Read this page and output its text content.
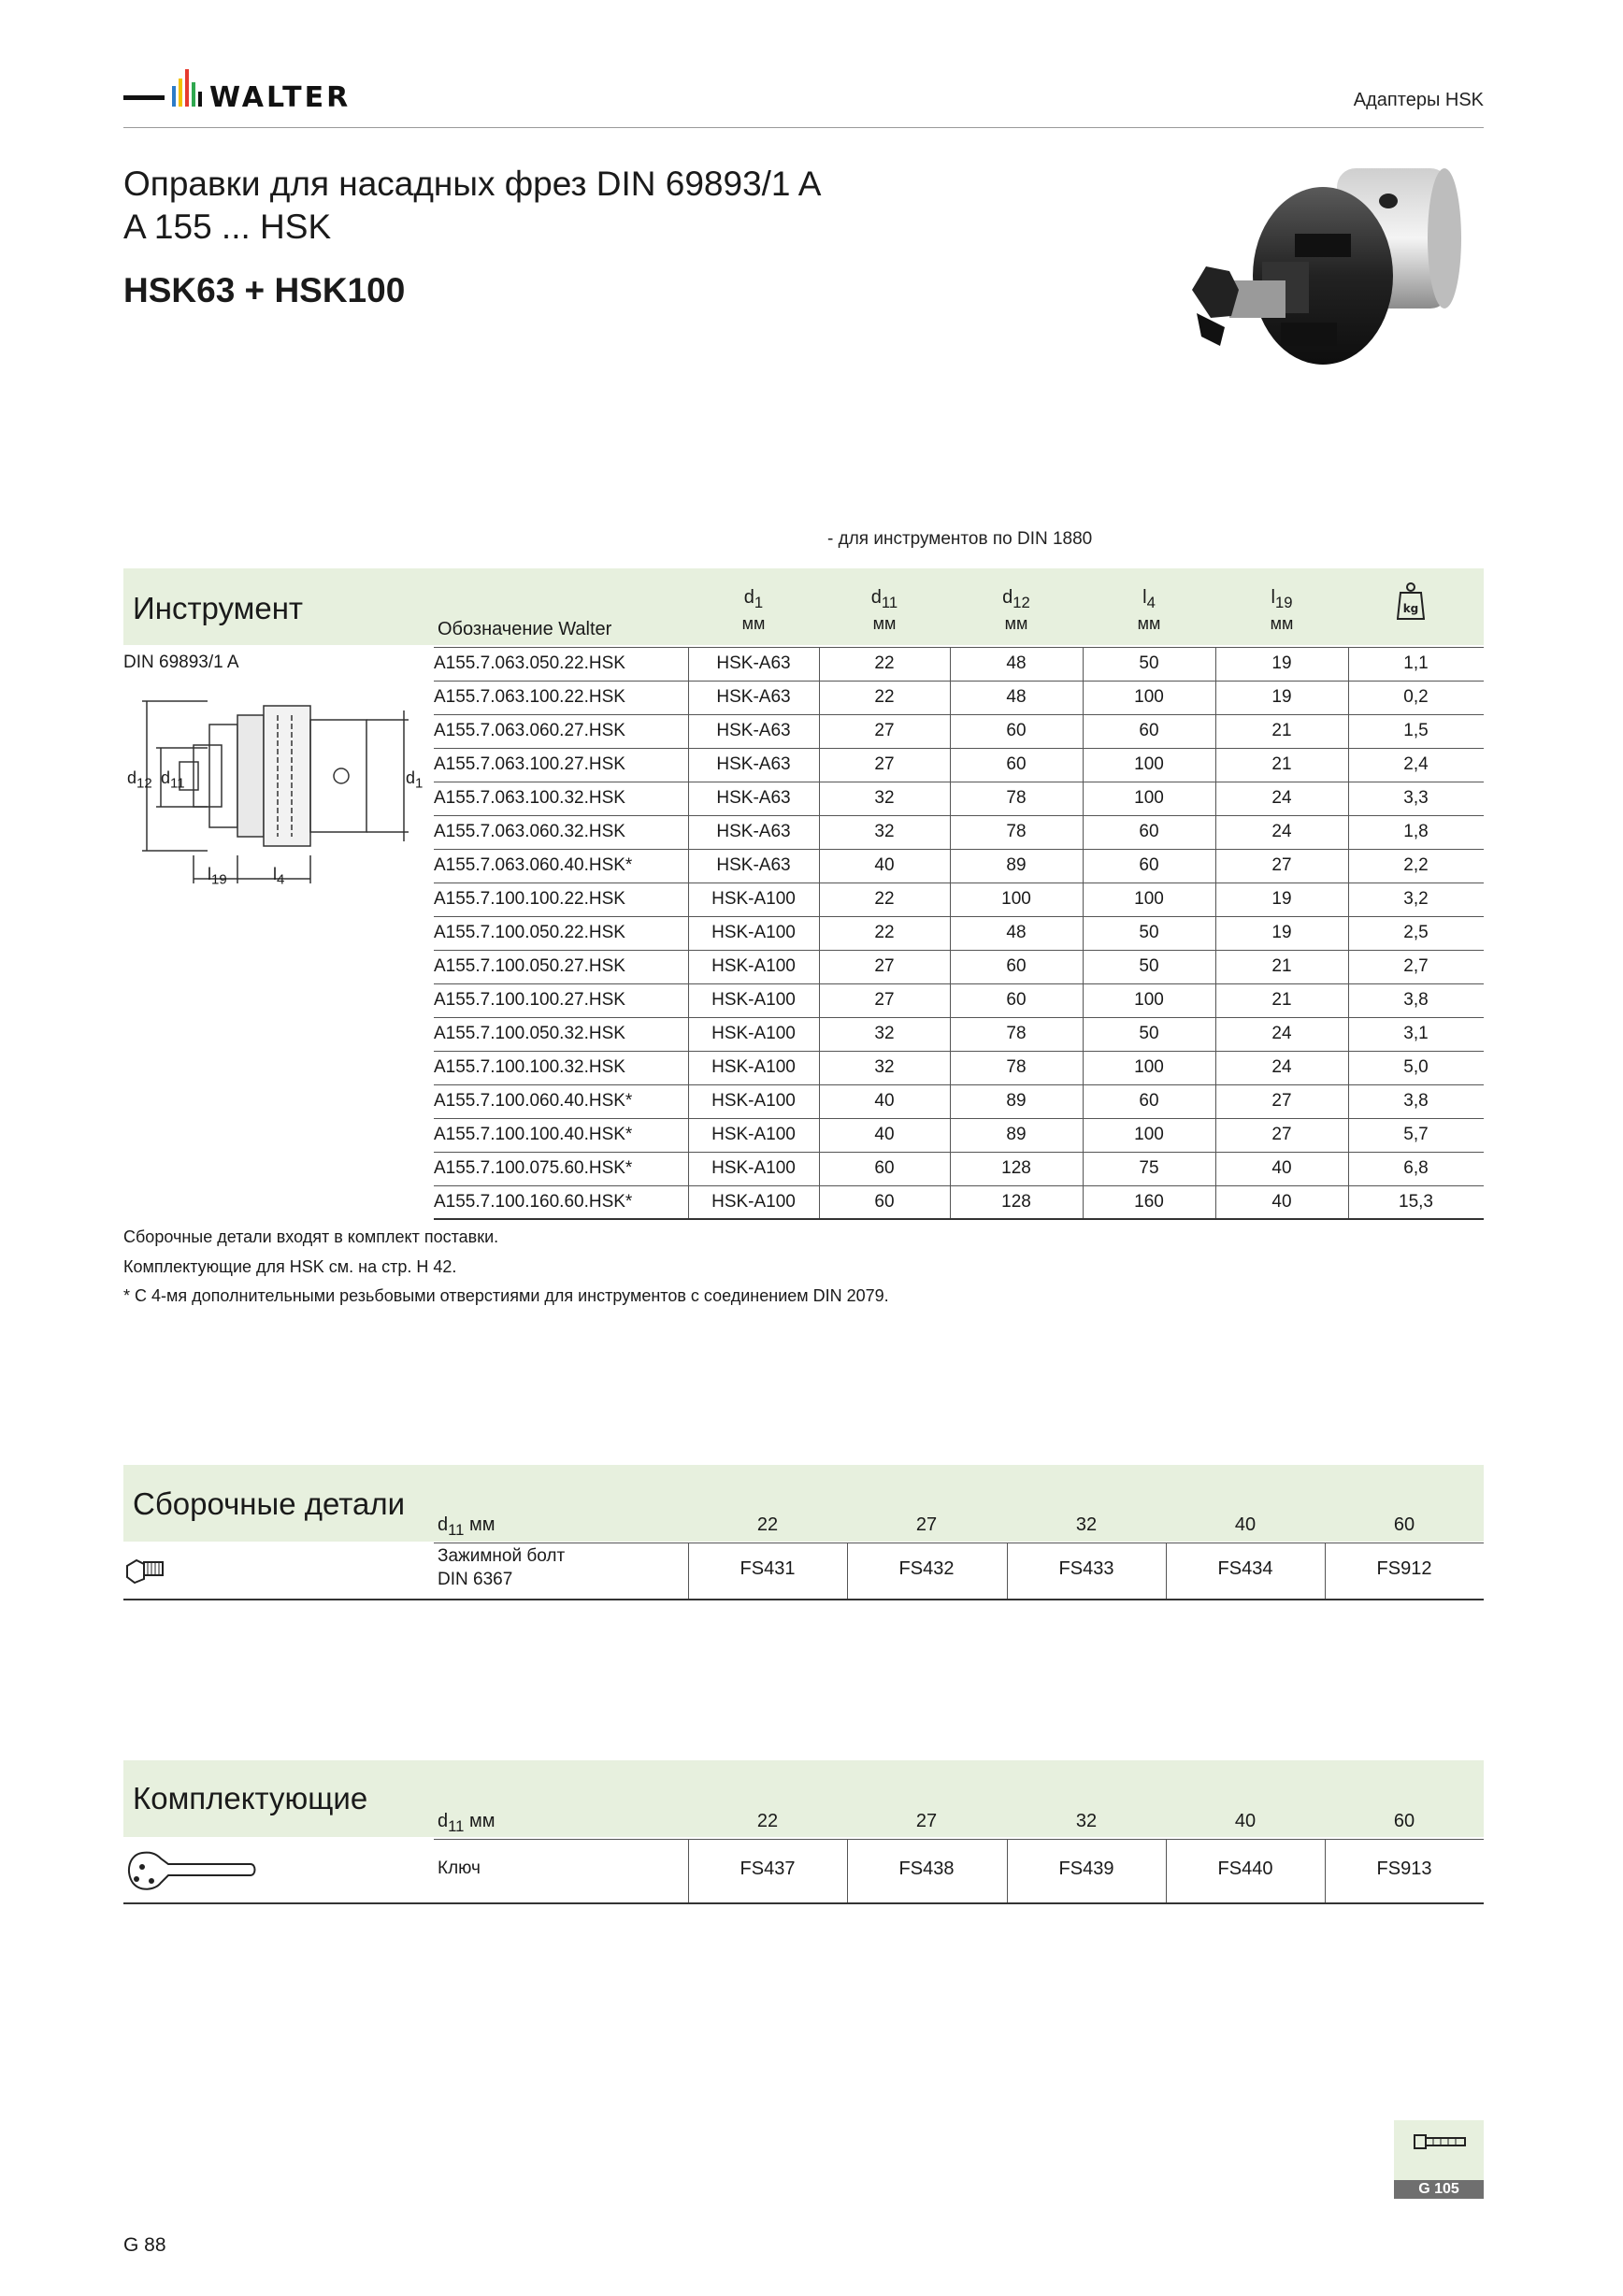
WALTER	Адаптеры HSK
Оправки для насадных фрез DIN 69893/1 A
A 155 ... HSK
HSK63 + HSK100
- для инструментов по DIN 1880
Инструмент
Обозначение Walter
$d_1$
мм
$d_{11}$
мм
$d_{12}$
мм
$l_4$
мм
$l_{19}$
мм
kg
DIN 69893/1 A
$d_{12}$ $d_{11}$	$d_1$
$l_{19}$	$l_4$
A155.7.063.050.22.HSK	HSK-A63	22	48	50	19	1,1
A155.7.063.100.22.HSK	HSK-A63	22	48	100	19	0,2
A155.7.063.060.27.HSK	HSK-A63	27	60	60	21	1,5
A155.7.063.100.27.HSK	HSK-A63	27	60	100	21	2,4
A155.7.063.100.32.HSK	HSK-A63	32	78	100	24	3,3
A155.7.063.060.32.HSK	HSK-A63	32	78	60	24	1,8
A155.7.063.060.40.HSK*	HSK-A63	40	89	60	27	2,2
A155.7.100.100.22.HSK	HSK-A100	22	100	100	19	3,2
A155.7.100.050.22.HSK	HSK-A100	22	48	50	19	2,5
A155.7.100.050.27.HSK	HSK-A100	27	60	50	21	2,7
A155.7.100.100.27.HSK	HSK-A100	27	60	100	21	3,8
A155.7.100.050.32.HSK	HSK-A100	32	78	50	24	3,1
A155.7.100.100.32.HSK	HSK-A100	32	78	100	24	5,0
A155.7.100.060.40.HSK*	HSK-A100	40	89	60	27	3,8
A155.7.100.100.40.HSK*	HSK-A100	40	89	100	27	5,7
A155.7.100.075.60.HSK*	HSK-A100	60	128	75	40	6,8
A155.7.100.160.60.HSK*	HSK-A100	60	128	160	40	15,3
Сборочные детали входят в комплект поставки.
Комплектующие для HSK см. на стр. H 42.
* С 4-мя дополнительными резьбовыми отверстиями для инструментов с соединением DIN 2079.
Сборочные детали
$d_{11}$ мм	22	27	32	40	60
Зажимной болт
DIN 6367
FS431	FS432	FS433	FS434	FS912
Комплектующие
$d_{11}$ мм	22	27	32	40	60
Ключ	FS437	FS438	FS439	FS440	FS913
G 105
G 88
